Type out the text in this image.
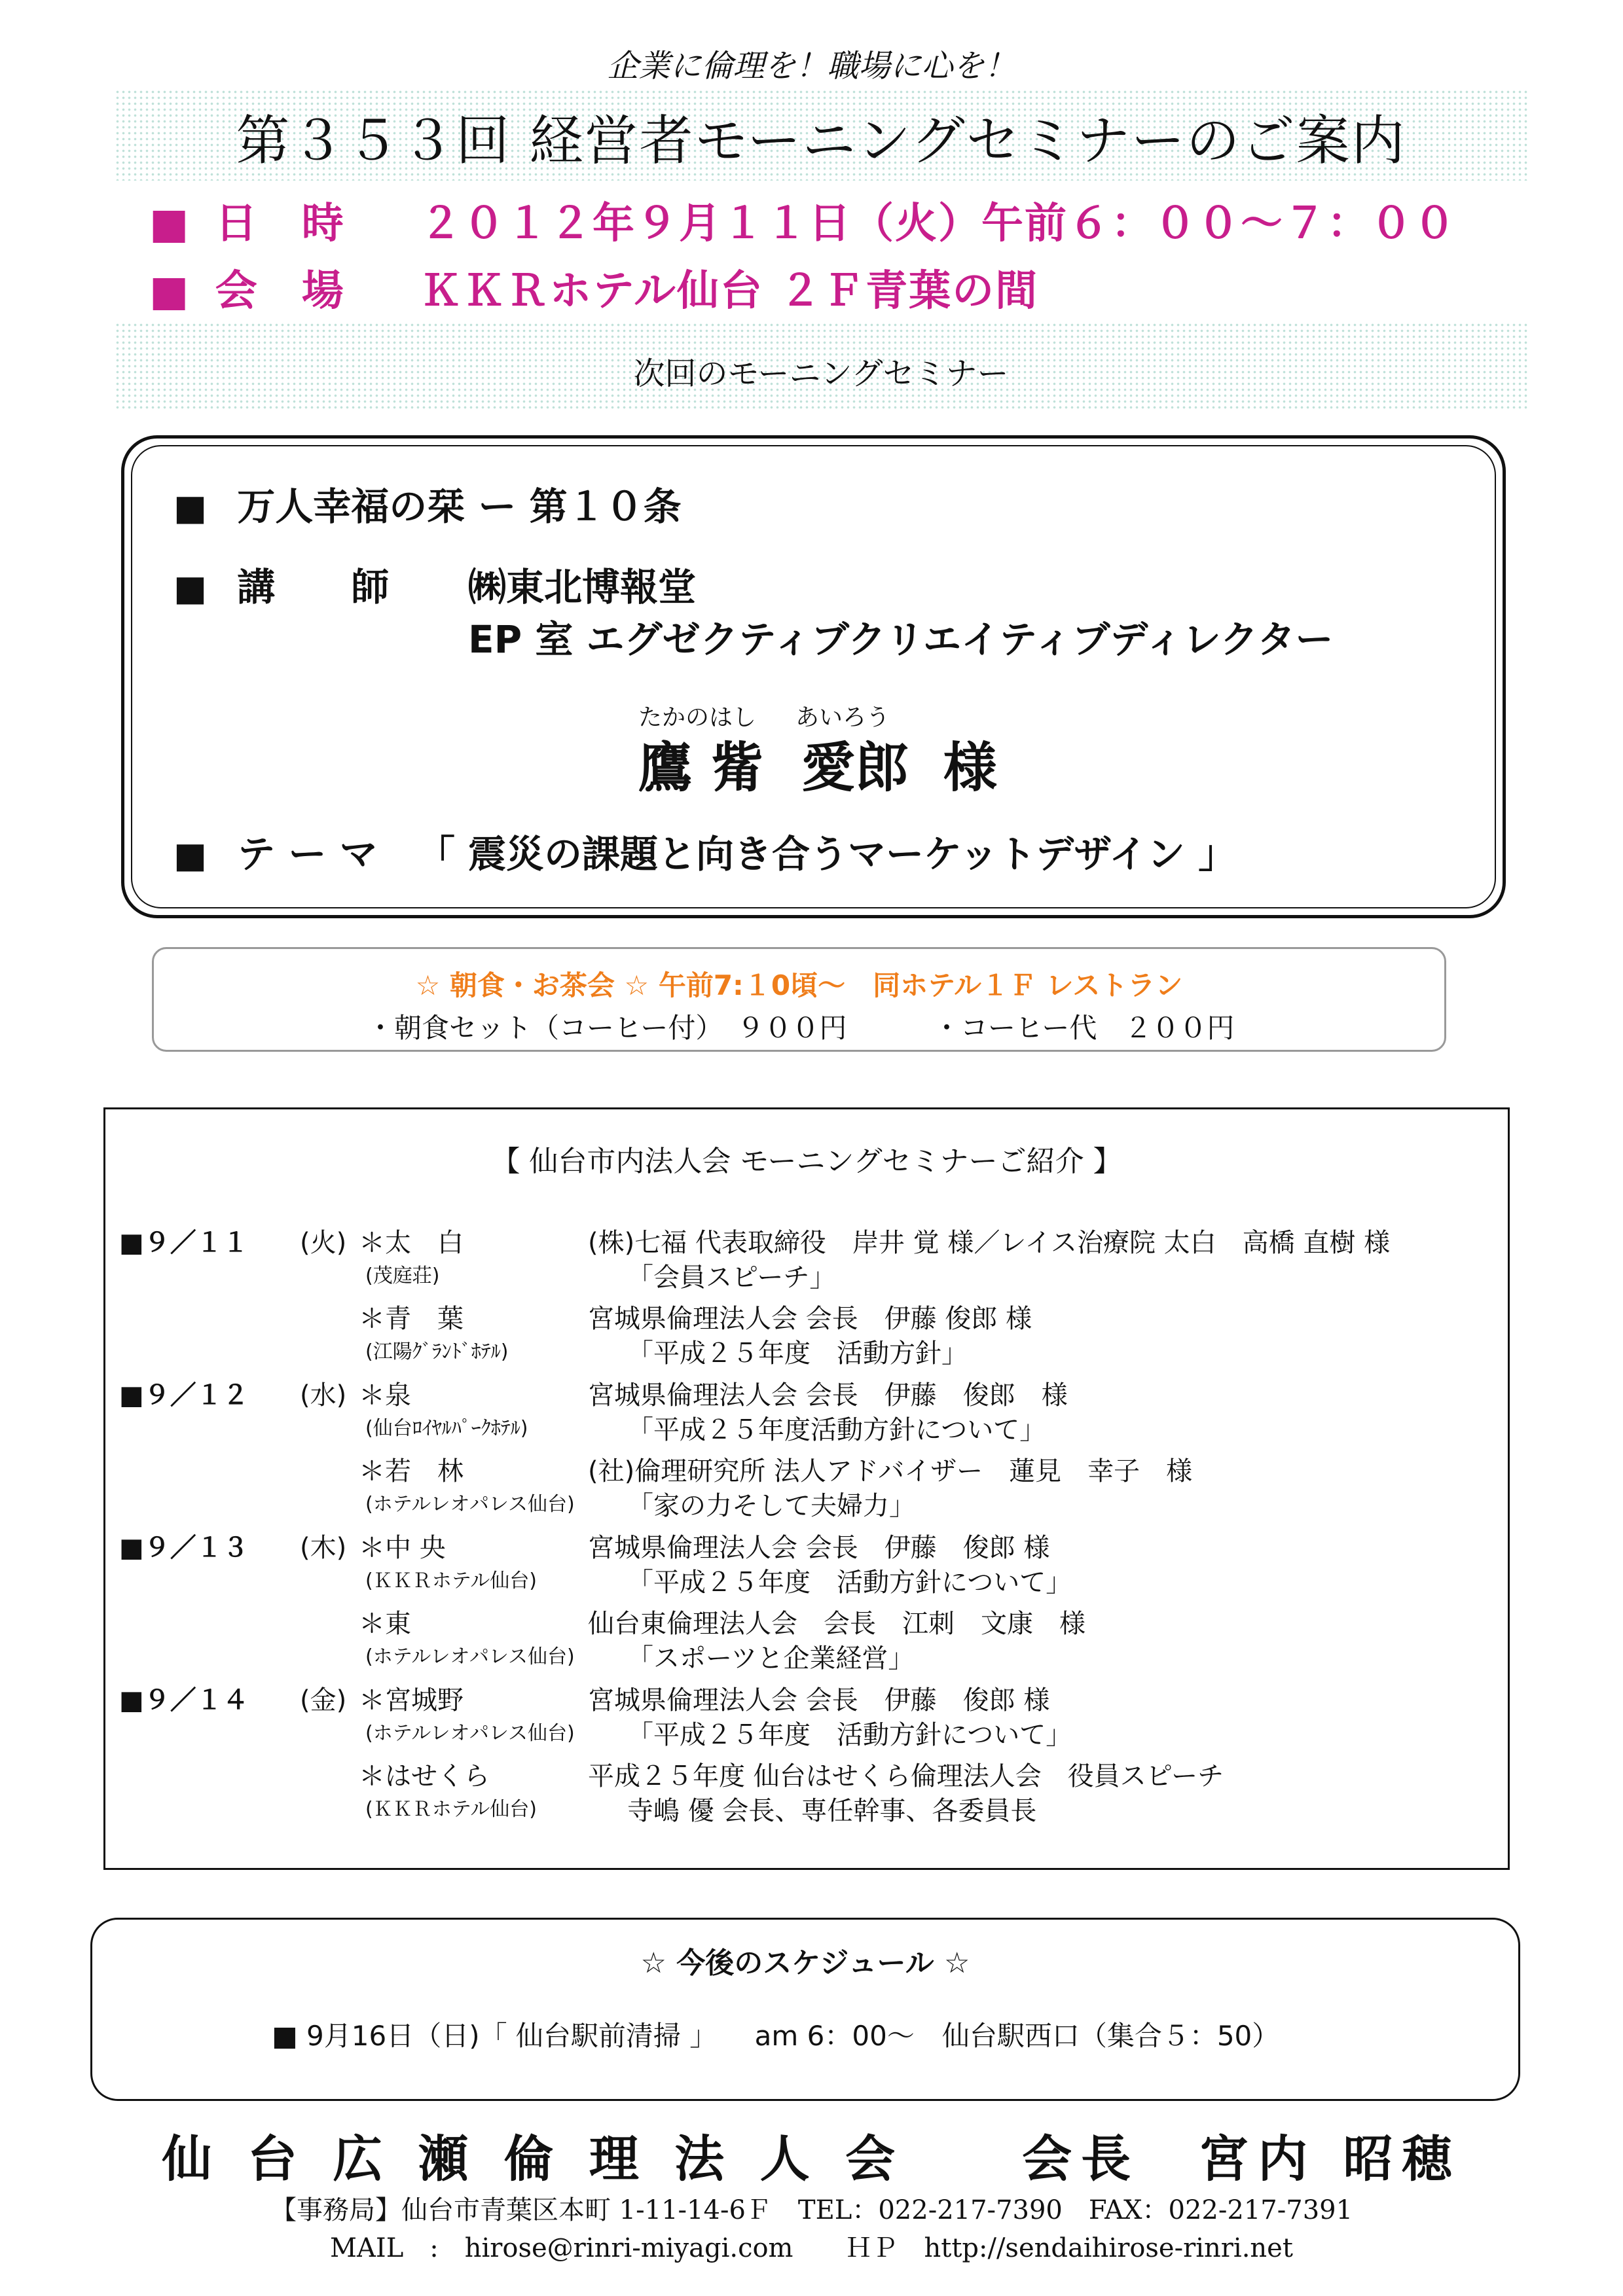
企業に倫理を！職場に心を！
第３５３回 経営者モーニングセミナーのご案内
■ 日　時 ２０１２年９月１１日（火）午前６：００～７：００
■ 会　場 ＫＫＲホテル仙台 ２Ｆ青葉の間
次回のモーニングセミナー
■ 万人幸福の栞 ー 第１０条
■ 講　　師 ㈱東北博報堂
EP 室 エグゼクティブクリエイティブディレクター
たかのはし あいろう
鷹 觜 愛郎 様
■ テ ー マ 「 震災の課題と向き合うマーケットデザイン 」
☆ 朝食・お茶会 ☆ 午前7:１0頃～　同ホテル１Ｆ レストラン
・朝食セット（コーヒー付）　９００円	・コーヒー代　２００円
【 仙台市内法人会 モーニングセミナーご紹介 】
■９／１１ (火) ＊太　白	(株)七福 代表取締役　岸井 覚 様／レイス治療院 太白　高橋 直樹 様
(茂庭荘)	「会員スピーチ」
＊青　葉	宮城県倫理法人会 会長　伊藤 俊郎 様
(江陽ｸﾞﾗﾝﾄﾞﾎﾃﾙ)	「平成２５年度　活動方針」
■９／１２ (水) ＊泉	宮城県倫理法人会 会長　伊藤　俊郎　様
(仙台ﾛｲﾔﾙﾊﾟｰｸﾎﾃﾙ)	「平成２５年度活動方針について」
＊若　林	(社)倫理研究所 法人アドバイザー　蓮見　幸子　様
(ホテルレオパレス仙台) 「家の力そして夫婦力」
■９／１３ (木) ＊中 央	宮城県倫理法人会 会長　伊藤　俊郎 様
(ＫＫＲホテル仙台)	「平成２５年度　活動方針について」
＊東	仙台東倫理法人会　会長　江刺　文康　様
(ホテルレオパレス仙台) 「スポーツと企業経営」
■９／１４ (金) ＊宮城野	宮城県倫理法人会 会長　伊藤　俊郎 様
(ホテルレオパレス仙台) 「平成２５年度　活動方針について」
＊はせくら	平成２５年度 仙台はせくら倫理法人会　役員スピーチ
(ＫＫＲホテル仙台)	寺嶋 優 会長、専任幹事、各委員長
☆ 今後のスケジュール ☆
■ 9月16日（日)「 仙台駅前清掃 」 am 6：00～　仙台駅西口（集合５：50）
仙 台 広 瀬 倫 理 法 人 会　　会長　宮内 昭穂
【事務局】仙台市青葉区本町 1-11-14-6Ｆ　TEL：022-217-7390　FAX：022-217-7391
MAIL　:　hirose@rinri-miyagi.com　　ＨＰ　http://sendaihirose-rinri.net
